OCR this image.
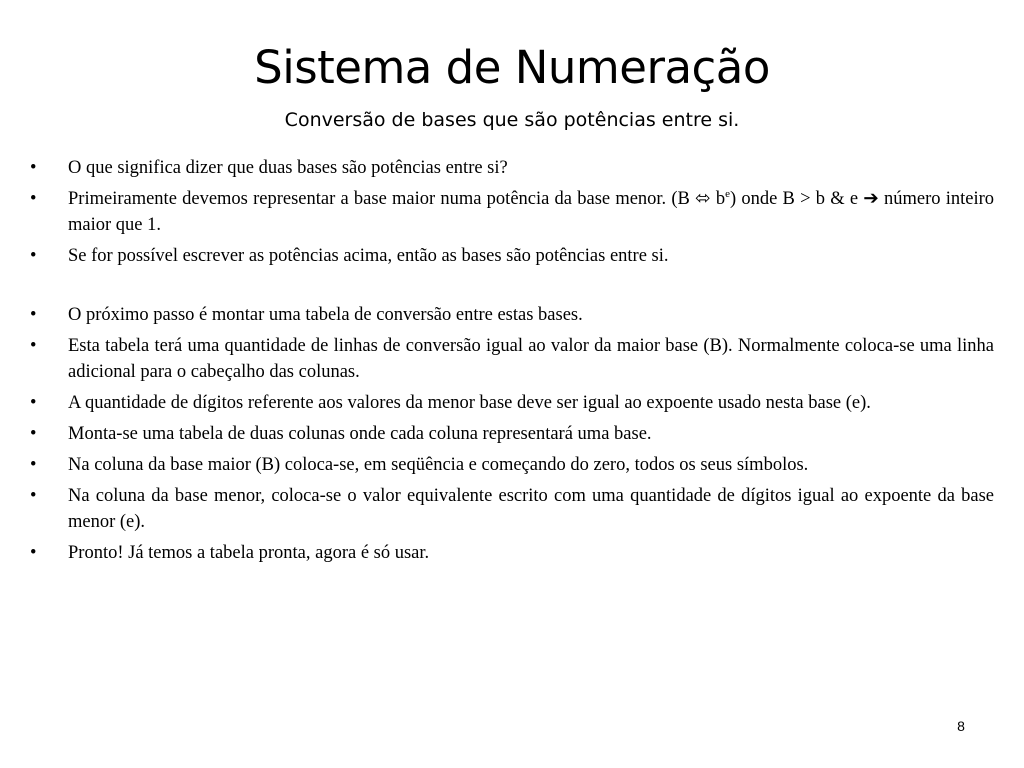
Sistema de Numeração
Conversão de bases que são potências entre si.
• O que significa dizer que duas bases são potências entre si?
• Primeiramente devemos representar a base maior numa potência da base menor. (B ⬄ $b^e$) onde B > b & e ➔ número inteiro maior que 1.
• Se for possível escrever as potências acima, então as bases são potências entre si.
• O próximo passo é montar uma tabela de conversão entre estas bases.
• Esta tabela terá uma quantidade de linhas de conversão igual ao valor da maior base (B). Normalmente coloca-se uma linha adicional para o cabeçalho das colunas.
• A quantidade de dígitos referente aos valores da menor base deve ser igual ao expoente usado nesta base (e).
• Monta-se uma tabela de duas colunas onde cada coluna representará uma base.
• Na coluna da base maior (B) coloca-se, em seqüência e começando do zero, todos os seus símbolos.
• Na coluna da base menor, coloca-se o valor equivalente escrito com uma quantidade de dígitos igual ao expoente da base menor (e).
• Pronto! Já temos a tabela pronta, agora é só usar.
8
